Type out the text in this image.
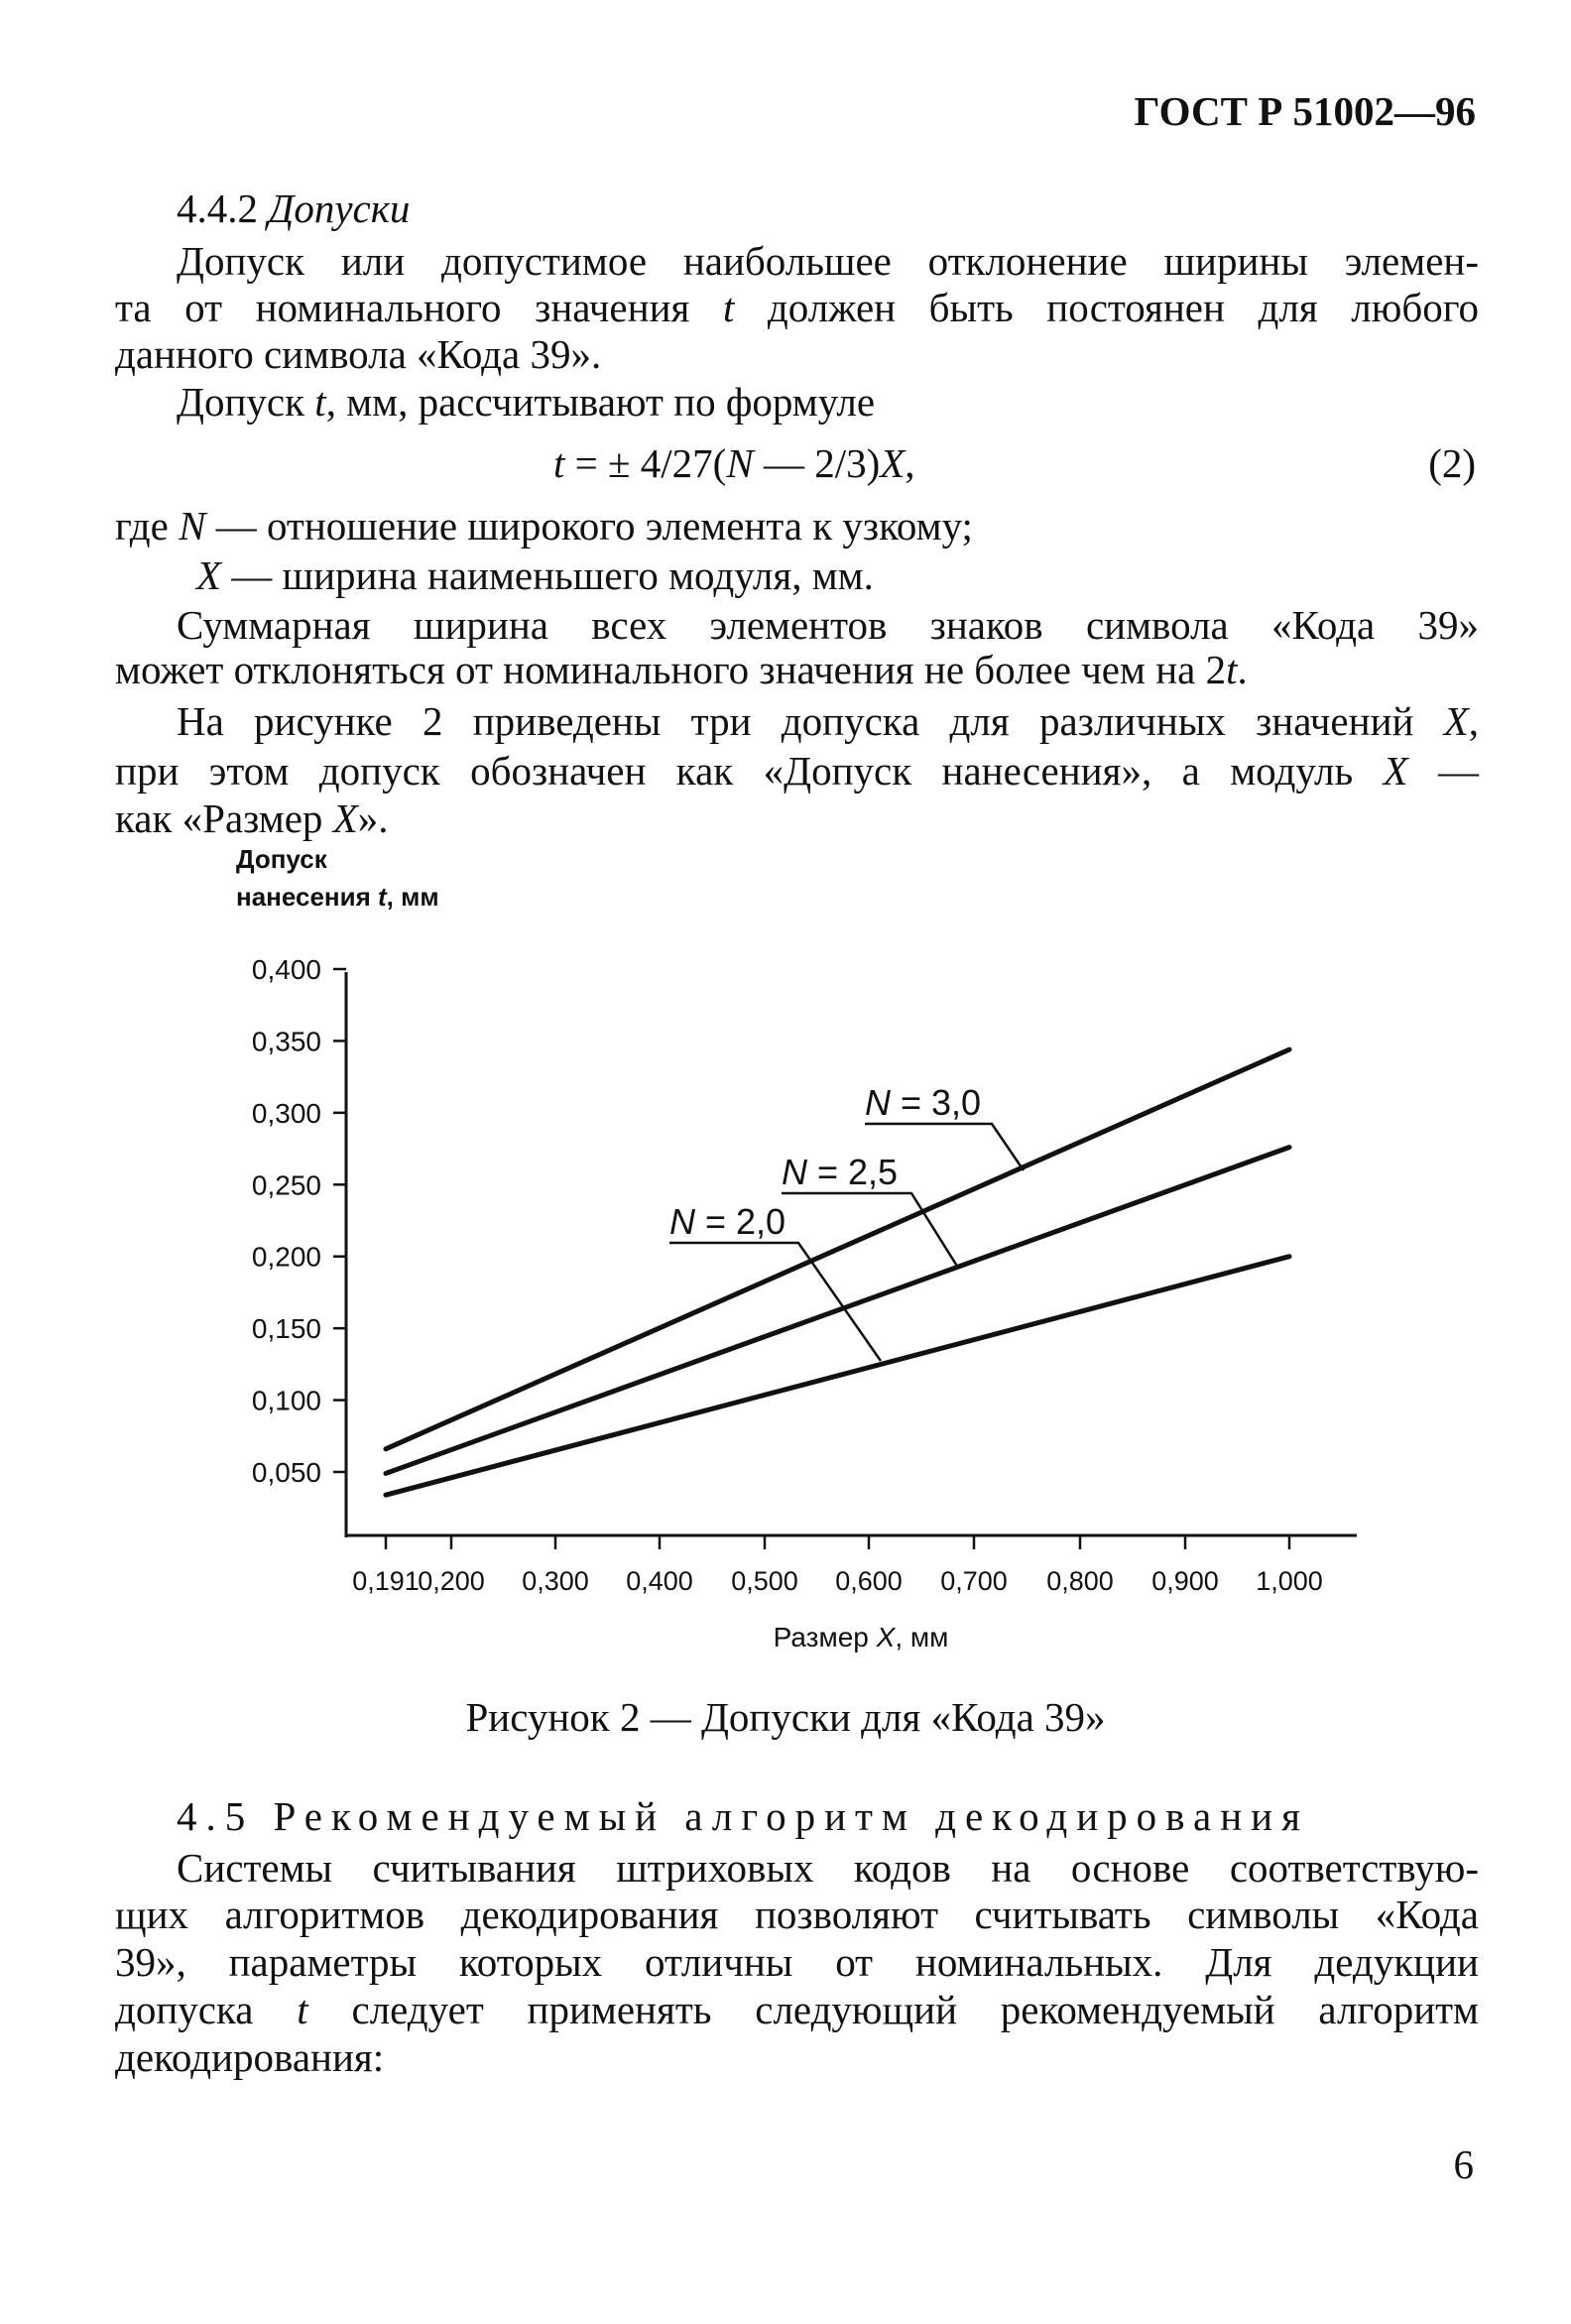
ГОСТ Р 51002—96
4.4.2 Допуски
Допуск или допустимое наибольшее отклонение ширины элемен-
та от номинального значения t должен быть постоянен для любого
данного символа «Кода 39».
Допуск t, мм, рассчитывают по формуле
t = ± 4/27(N — 2/3)X,	(2)
где N — отношение широкого элемента к узкому;
X — ширина наименьшего модуля, мм.
Суммарная ширина всех элементов знаков символа «Кода 39»
может отклоняться от номинального значения не более чем на 2t.
На рисунке 2 приведены три допуска для различных значений X,
при этом допуск обозначен как «Допуск нанесения», а модуль X —
как «Размер X».
0,400
0,350
0,300
0,250
0,200
0,150
0,100
0,050
0,191
0,200 0,300 0,400 0,500 0,600 0,700 0,800 0,900 1,000
Допуск
нанесения t, мм
Размер X, мм
N = 3,0
N = 2,5
N = 2,0
Рисунок 2 — Допуски для «Кода 39»
4.5 Рекомендуемый алгоритм декодирования
Системы считывания штриховых кодов на основе соответствую-
щих алгоритмов декодирования позволяют считывать символы «Кода
39», параметры которых отличны от номинальных. Для дедукции
допуска t следует применять следующий рекомендуемый алгоритм
декодирования:
6
